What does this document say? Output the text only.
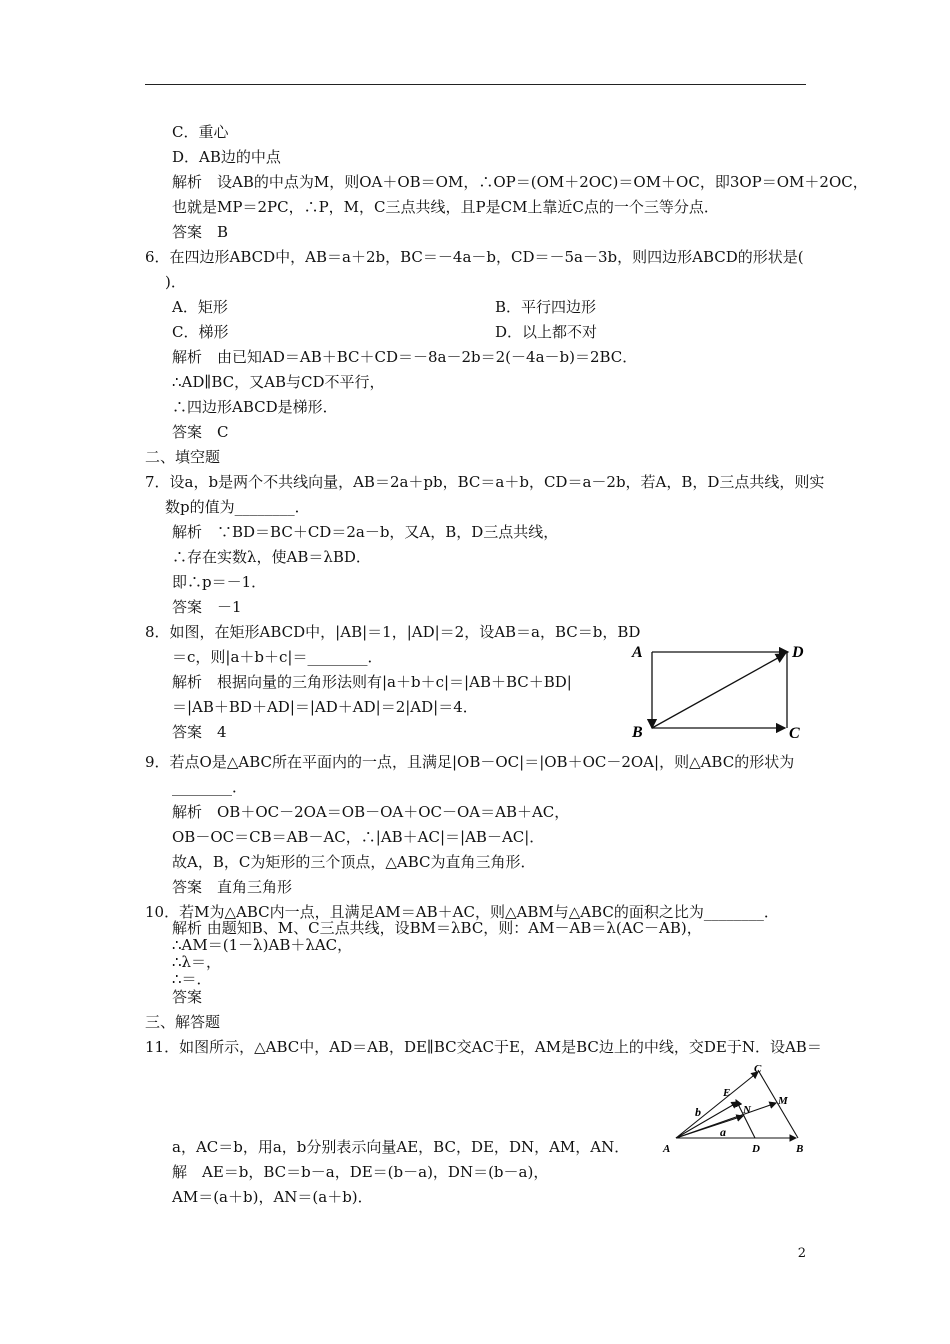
C．重心
D．AB边的中点
解析　设AB的中点为M，则OA＋OB＝OM，∴OP＝(OM＋2OC)＝OM＋OC，即3OP＝OM＋2OC，
也就是MP＝2PC，∴P，M，C三点共线，且P是CM上靠近C点的一个三等分点．
答案　B
6．在四边形ABCD中，AB＝a＋2b，BC＝－4a－b，CD＝－5a－3b，则四边形ABCD的形状是(
)．
A．矩形	B．平行四边形
C．梯形	D．以上都不对
解析　由已知AD＝AB＋BC＋CD＝－8a－2b＝2(－4a－b)＝2BC．
∴AD∥BC，又AB与CD不平行，
∴四边形ABCD是梯形．
答案　C
二、填空题
7．设a，b是两个不共线向量，AB＝2a＋pb，BC＝a＋b，CD＝a－2b，若A，B，D三点共线，则实
数p的值为________．
解析　∵BD＝BC＋CD＝2a－b，又A，B，D三点共线，
∴存在实数λ，使AB＝λBD．
即∴p＝－1．
答案　－1
8．如图，在矩形ABCD中，|AB|＝1，|AD|＝2，设AB＝a，BC＝b，BD
＝c，则|a＋b＋c|＝________．
解析　根据向量的三角形法则有|a＋b＋c|＝|AB＋BC＋BD|
＝|AB＋BD＋AD|＝|AD＋AD|＝2|AD|＝4．
答案　4
A	D
B	C
9．若点O是△ABC所在平面内的一点，且满足|OB－OC|＝|OB＋OC－2OA|，则△ABC的形状为
________．
解析　OB＋OC－2OA＝OB－OA＋OC－OA＝AB＋AC，
OB－OC＝CB＝AB－AC，∴|AB＋AC|＝|AB－AC|．
故A，B，C为矩形的三个顶点，△ABC为直角三角形．
答案　直角三角形
10．若M为△ABC内一点，且满足AM＝AB＋AC，则△ABM与△ABC的面积之比为________．
解析 由题知B、M、C三点共线，设BM＝λBC，则：AM－AB＝λ(AC－AB)，
∴AM＝(1－λ)AB＋λAC，
∴λ＝，
∴＝．
答案
三、解答题
11．如图所示，△ABC中，AD＝AB，DE∥BC交AC于E，AM是BC边上的中线，交DE于N．设AB＝
A	D	B
C
E
N
M
a
b
a，AC＝b，用a，b分别表示向量AE，BC，DE，DN，AM，AN．
解　AE＝b，BC＝b－a，DE＝(b－a)，DN＝(b－a)，
AM＝(a＋b)，AN＝(a＋b)．
2
